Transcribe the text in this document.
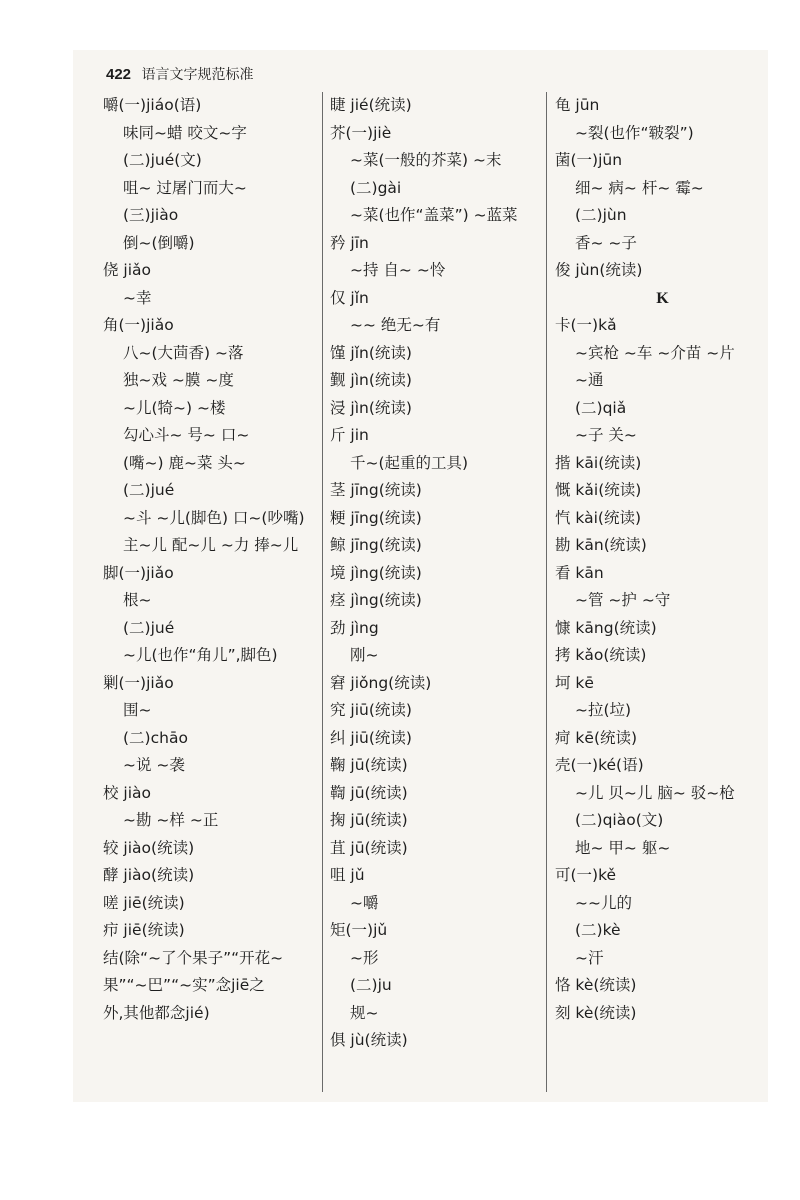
422 语言文字规范标准
嚼(一)jiáo(语)
味同~蜡 咬文~字
(二)jué(文)
咀~ 过屠门而大~
(三)jiào
倒~(倒嚼)
侥 jiǎo
~幸
角(一)jiǎo
八~(大茴香) ~落
独~戏 ~膜 ~度
~儿(犄~) ~楼
勾心斗~ 号~ 口~
(嘴~) 鹿~菜 头~
(二)jué
~斗 ~儿(脚色) 口~(吵嘴)
主~儿 配~儿 ~力 捧~儿
脚(一)jiǎo
根~
(二)jué
~儿(也作“角儿”,脚色)
剿(一)jiǎo
围~
(二)chāo
~说 ~袭
校 jiào
~勘 ~样 ~正
较 jiào(统读)
酵 jiào(统读)
嗟 jiē(统读)
疖 jiē(统读)
结(除“~了个果子”“开花~
果”“~巴”“~实”念jiē之
外,其他都念jié)
睫 jié(统读)
芥(一)jiè
~菜(一般的芥菜) ~末
(二)gài
~菜(也作“盖菜”) ~蓝菜
矜 jīn
~持 自~ ~怜
仅 jǐn
~~ 绝无~有
馑 jǐn(统读)
觐 jìn(统读)
浸 jìn(统读)
斤 jin
千~(起重的工具)
茎 jīng(统读)
粳 jīng(统读)
鲸 jīng(统读)
境 jìng(统读)
痉 jìng(统读)
劲 jìng
刚~
窘 jiǒng(统读)
究 jiū(统读)
纠 jiū(统读)
鞠 jū(统读)
鞫 jū(统读)
掬 jū(统读)
苴 jū(统读)
咀 jǔ
~嚼
矩(一)jǔ
~形
(二)ju
规~
俱 jù(统读)
龟 jūn
~裂(也作“皲裂”)
菌(一)jūn
细~ 病~ 杆~ 霉~
(二)jùn
香~ ~子
俊 jùn(统读)
K
卡(一)kǎ
~宾枪 ~车 ~介苗 ~片
~通
(二)qiǎ
~子 关~
揩 kāi(统读)
慨 kǎi(统读)
忾 kài(统读)
勘 kān(统读)
看 kān
~管 ~护 ~守
慷 kāng(统读)
拷 kǎo(统读)
坷 kē
~拉(垃)
疴 kē(统读)
壳(一)ké(语)
~儿 贝~儿 脑~ 驳~枪
(二)qiào(文)
地~ 甲~ 躯~
可(一)kě
~~儿的
(二)kè
~汗
恪 kè(统读)
刻 kè(统读)
